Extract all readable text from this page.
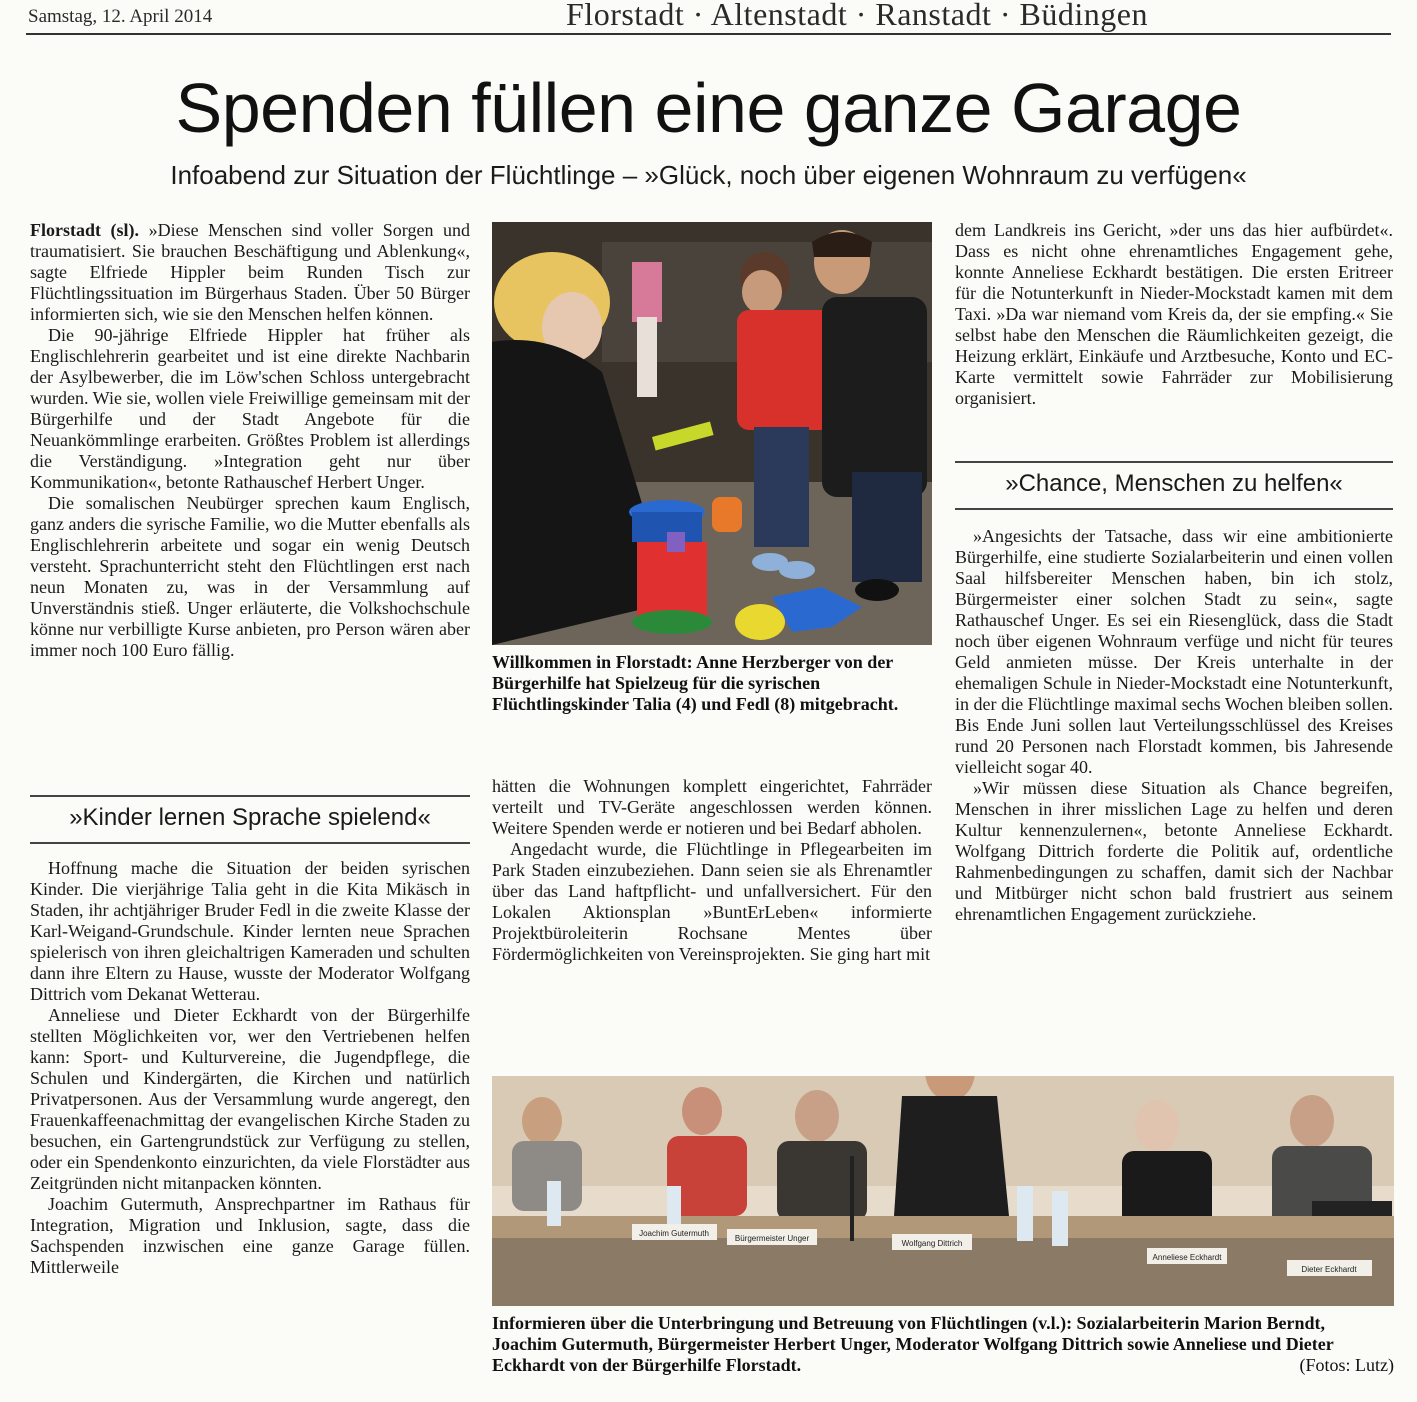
Samstag, 12. April 2014	Florstadt · Altenstadt · Ranstadt · Büdingen
Spenden füllen eine ganze Garage
Infoabend zur Situation der Flüchtlinge – »Glück, noch über eigenen Wohnraum zu verfügen«

Florstadt (sl). »Diese Menschen sind voller Sorgen und traumatisiert. Sie brauchen Beschäftigung und Ablenkung«, sagte Elfriede Hippler beim Runden Tisch zur Flüchtlingssituation im Bürgerhaus Staden. Über 50 Bürger informierten sich, wie sie den Menschen helfen können.

Die 90-jährige Elfriede Hippler hat früher als Englischlehrerin gearbeitet und ist eine direkte Nachbarin der Asylbewerber, die im Löw'schen Schloss untergebracht wurden. Wie sie, wollen viele Freiwillige gemeinsam mit der Bürgerhilfe und der Stadt Angebote für die Neuankömmlinge erarbeiten. Größtes Problem ist allerdings die Verständigung. »Integration geht nur über Kommunikation«, betonte Rathauschef Herbert Unger.

Die somalischen Neubürger sprechen kaum Englisch, ganz anders die syrische Familie, wo die Mutter ebenfalls als Englischlehrerin arbeitete und sogar ein wenig Deutsch versteht. Sprachunterricht steht den Flüchtlingen erst nach neun Monaten zu, was in der Versammlung auf Unverständnis stieß. Unger erläuterte, die Volkshochschule könne nur verbilligte Kurse anbieten, pro Person wären aber immer noch 100 Euro fällig.

»Kinder lernen Sprache spielend«

Hoffnung mache die Situation der beiden syrischen Kinder. Die vierjährige Talia geht in die Kita Mikäsch in Staden, ihr achtjähriger Bruder Fedl in die zweite Klasse der Karl-Weigand-Grundschule. Kinder lernten neue Sprachen spielerisch von ihren gleichaltrigen Kameraden und schulten dann ihre Eltern zu Hause, wusste der Moderator Wolfgang Dittrich vom Dekanat Wetterau.

Anneliese und Dieter Eckhardt von der Bürgerhilfe stellten Möglichkeiten vor, wer den Vertriebenen helfen kann: Sport- und Kulturvereine, die Jugendpflege, die Schulen und Kindergärten, die Kirchen und natürlich Privatpersonen. Aus der Versammlung wurde angeregt, den Frauenkaffeenachmittag der evangelischen Kirche Staden zu besuchen, ein Gartengrundstück zur Verfügung zu stellen, oder ein Spendenkonto einzurichten, da viele Florstädter aus Zeitgründen nicht mitanpacken könnten.

Joachim Gutermuth, Ansprechpartner im Rathaus für Integration, Migration und Inklusion, sagte, dass die Sachspenden inzwischen eine ganze Garage füllen. Mittlerweile

Willkommen in Florstadt: Anne Herzberger von der Bürgerhilfe hat Spielzeug für die syrischen Flüchtlingskinder Talia (4) und Fedl (8) mitgebracht.

hätten die Wohnungen komplett eingerichtet, Fahrräder verteilt und TV-Geräte angeschlossen werden können. Weitere Spenden werde er notieren und bei Bedarf abholen.

Angedacht wurde, die Flüchtlinge in Pflegearbeiten im Park Staden einzubeziehen. Dann seien sie als Ehrenamtler über das Land haftpflicht- und unfallversichert. Für den Lokalen Aktionsplan »BuntErLeben« informierte Projektbüroleiterin Rochsane Mentes über Fördermöglichkeiten von Vereinsprojekten. Sie ging hart mit

dem Landkreis ins Gericht, »der uns das hier aufbürdet«. Dass es nicht ohne ehrenamtliches Engagement gehe, konnte Anneliese Eckhardt bestätigen. Die ersten Eritreer für die Notunterkunft in Nieder-Mockstadt kamen mit dem Taxi. »Da war niemand vom Kreis da, der sie empfing.« Sie selbst habe den Menschen die Räumlichkeiten gezeigt, die Heizung erklärt, Einkäufe und Arztbesuche, Konto und EC-Karte vermittelt sowie Fahrräder zur Mobilisierung organisiert.

»Chance, Menschen zu helfen«

»Angesichts der Tatsache, dass wir eine ambitionierte Bürgerhilfe, eine studierte Sozialarbeiterin und einen vollen Saal hilfsbereiter Menschen haben, bin ich stolz, Bürgermeister einer solchen Stadt zu sein«, sagte Rathauschef Unger. Es sei ein Riesenglück, dass die Stadt noch über eigenen Wohnraum verfüge und nicht für teures Geld anmieten müsse. Der Kreis unterhalte in der ehemaligen Schule in Nieder-Mockstadt eine Notunterkunft, in der die Flüchtlinge maximal sechs Wochen bleiben sollen. Bis Ende Juni sollen laut Verteilungsschlüssel des Kreises rund 20 Personen nach Florstadt kommen, bis Jahresende vielleicht sogar 40.

»Wir müssen diese Situation als Chance begreifen, Menschen in ihrer misslichen Lage zu helfen und deren Kultur kennenzulernen«, betonte Anneliese Eckhardt. Wolfgang Dittrich forderte die Politik auf, ordentliche Rahmenbedingungen zu schaffen, damit sich der Nachbar und Mitbürger nicht schon bald frustriert aus seinem ehrenamtlichen Engagement zurückziehe.

Joachim Gutermuth
Bürgermeister Unger
Wolfgang Dittrich
Anneliese Eckhardt
Dieter Eckhardt
Informieren über die Unterbringung und Betreuung von Flüchtlingen (v.l.): Sozialarbeiterin Marion Berndt, Joachim Gutermuth, Bürgermeister Herbert Unger, Moderator Wolfgang Dittrich sowie Anneliese und Dieter Eckhardt von der Bürgerhilfe Florstadt.	(Fotos: Lutz)
